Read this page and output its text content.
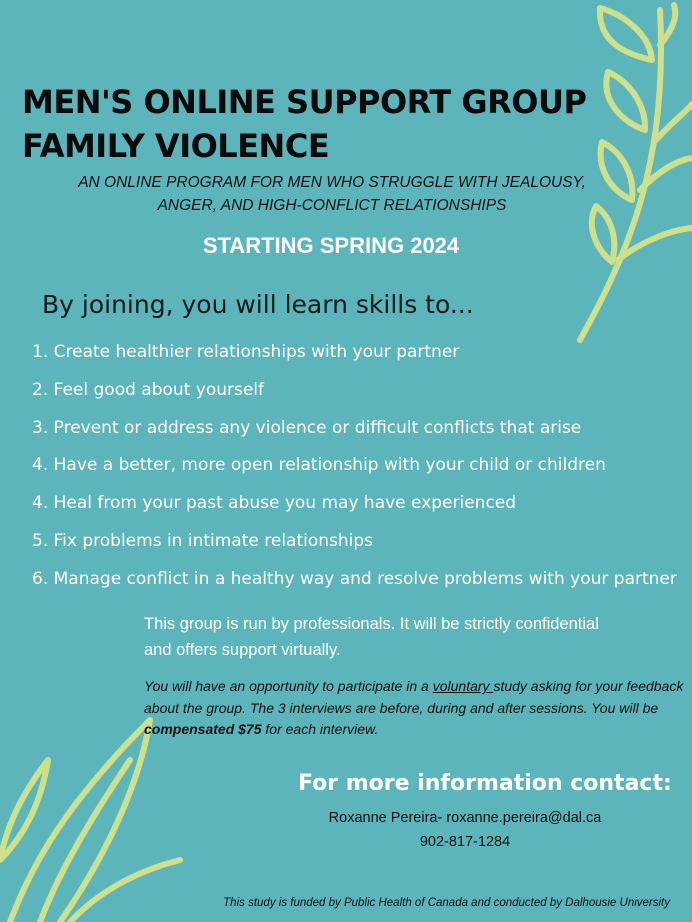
MEN'S ONLINE SUPPORT GROUP
FAMILY VIOLENCE
AN ONLINE PROGRAM FOR MEN WHO STRUGGLE WITH JEALOUSY,
ANGER, AND HIGH-CONFLICT RELATIONSHIPS
STARTING SPRING 2024
By joining, you will learn skills to...
1. Create healthier relationships with your partner
2. Feel good about yourself
3. Prevent or address any violence or difficult conflicts that arise
4. Have a better, more open relationship with your child or children
4. Heal from your past abuse you may have experienced
5. Fix problems in intimate relationships
6. Manage conflict in a healthy way and resolve problems with your partner
This group is run by professionals. It will be strictly confidential
and offers support virtually.
You will have an opportunity to participate in a voluntary study asking for your feedback about the group. The 3 interviews are before, during and after sessions. You will be compensated $75 for each interview.
For more information contact:
Roxanne Pereira- roxanne.pereira@dal.ca
902-817-1284
This study is funded by Public Health of Canada and conducted by Dalhousie University
